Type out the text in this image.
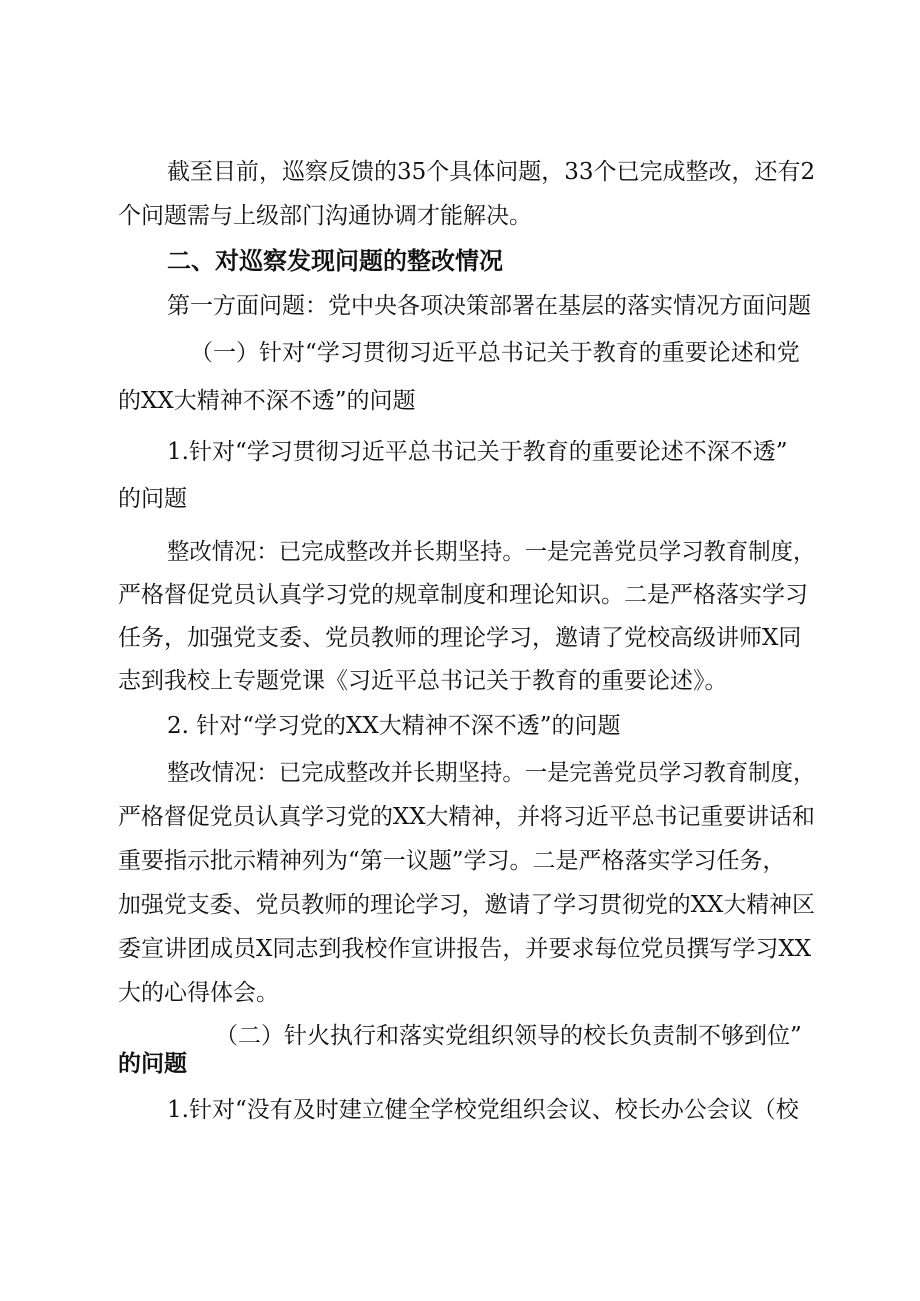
截至目前，巡察反馈的35个具体问题，33个已完成整改，还有2

个问题需与上级部门沟通协调才能解决。

二、对巡察发现问题的整改情况

第一方面问题：党中央各项决策部署在基层的落实情况方面问题

（一）针对“学习贯彻习近平总书记关于教育的重要论述和党

的XX大精神不深不透”的问题

1.针对“学习贯彻习近平总书记关于教育的重要论述不深不透”

的问题

整改情况：已完成整改并长期坚持。一是完善党员学习教育制度，

严格督促党员认真学习党的规章制度和理论知识。二是严格落实学习

任务，加强党支委、党员教师的理论学习，邀请了党校高级讲师X同

志到我校上专题党课《习近平总书记关于教育的重要论述》。

2. 针对“学习党的XX大精神不深不透”的问题

整改情况：已完成整改并长期坚持。一是完善党员学习教育制度，

严格督促党员认真学习党的XX大精神，并将习近平总书记重要讲话和

重要指示批示精神列为“第一议题”学习。二是严格落实学习任务，

加强党支委、党员教师的理论学习，邀请了学习贯彻党的XX大精神区

委宣讲团成员X同志到我校作宣讲报告，并要求每位党员撰写学习XX

大的心得体会。

（二）针火执行和落实党组织领导的校长负责制不够到位”

的问题

1.针对“没有及时建立健全学校党组织会议、校长办公会议（校
